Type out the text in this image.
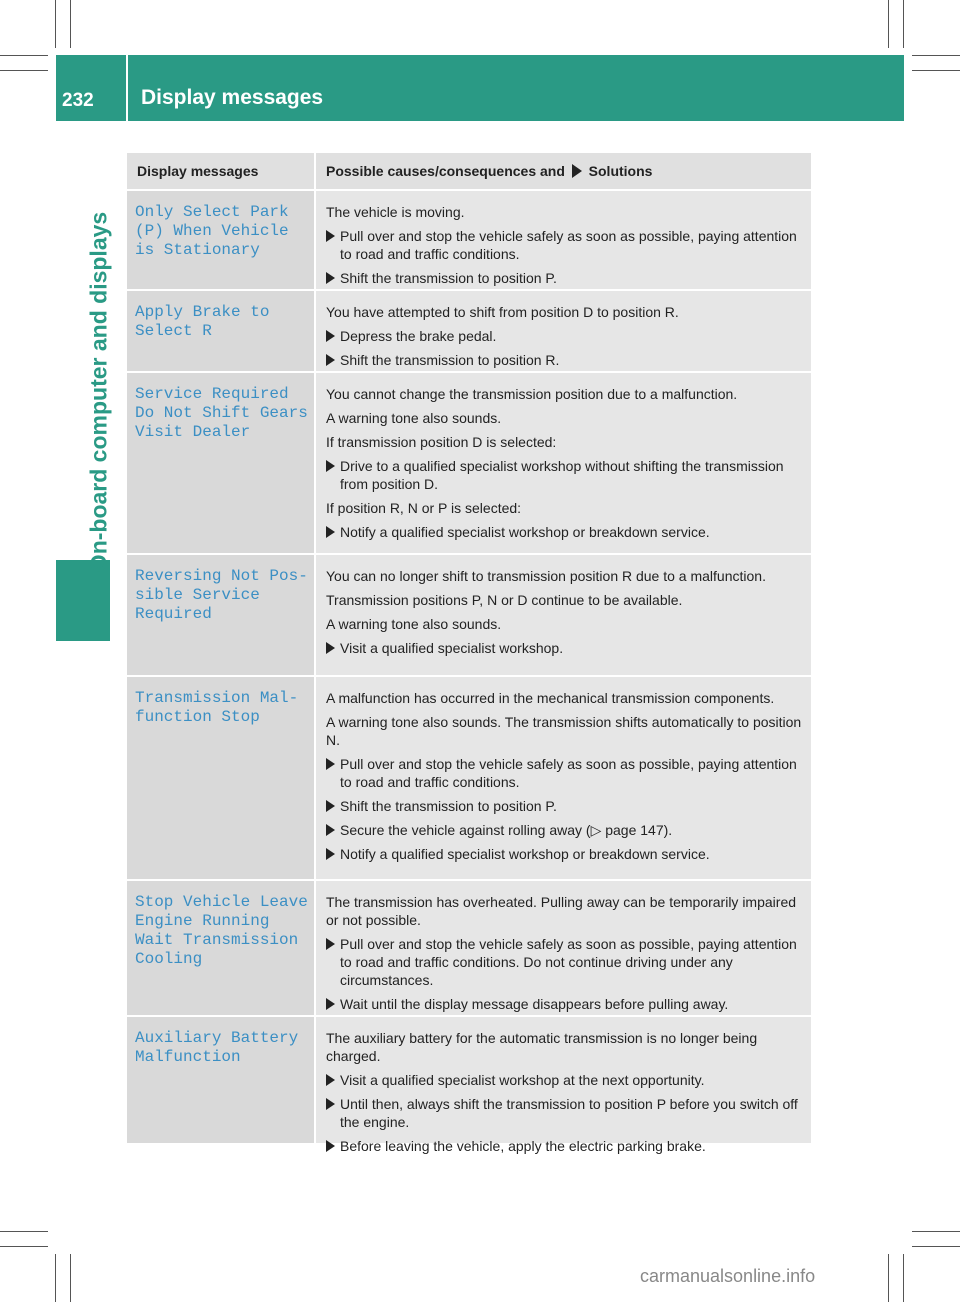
232	Display messages
On-board computer and displays
Display messages	Possible causes/consequences and Solutions
Only Select Park
(P) When Vehicle
is Stationary
The vehicle is moving.
Pull over and stop the vehicle safely as soon as possible, paying attention to road and traffic conditions.
Shift the transmission to position P.
Apply Brake to
Select R
You have attempted to shift from position D to position R.
Depress the brake pedal.
Shift the transmission to position R.
Service Required
Do Not Shift Gears
Visit Dealer
You cannot change the transmission position due to a malfunction.
A warning tone also sounds.
If transmission position D is selected:
Drive to a qualified specialist workshop without shifting the transmission from position D.
If position R, N or P is selected:
Notify a qualified specialist workshop or breakdown service.
Reversing Not Pos‐
sible Service
Required
You can no longer shift to transmission position R due to a malfunction.
Transmission positions P, N or D continue to be available.
A warning tone also sounds.
Visit a qualified specialist workshop.
Transmission Mal‐
function Stop
A malfunction has occurred in the mechanical transmission components.
A warning tone also sounds. The transmission shifts automatically to position N.
Pull over and stop the vehicle safely as soon as possible, paying attention to road and traffic conditions.
Shift the transmission to position P.
Secure the vehicle against rolling away (▷ page 147).
Notify a qualified specialist workshop or breakdown service.
Stop Vehicle Leave
Engine Running
Wait Transmission
Cooling
The transmission has overheated. Pulling away can be temporarily impaired or not possible.
Pull over and stop the vehicle safely as soon as possible, paying attention to road and traffic conditions. Do not continue driving under any circumstances.
Wait until the display message disappears before pulling away.
Auxiliary Battery
Malfunction
The auxiliary battery for the automatic transmission is no longer being charged.
Visit a qualified specialist workshop at the next opportunity.
Until then, always shift the transmission to position P before you switch off the engine.
Before leaving the vehicle, apply the electric parking brake.
carmanualsonline.info
